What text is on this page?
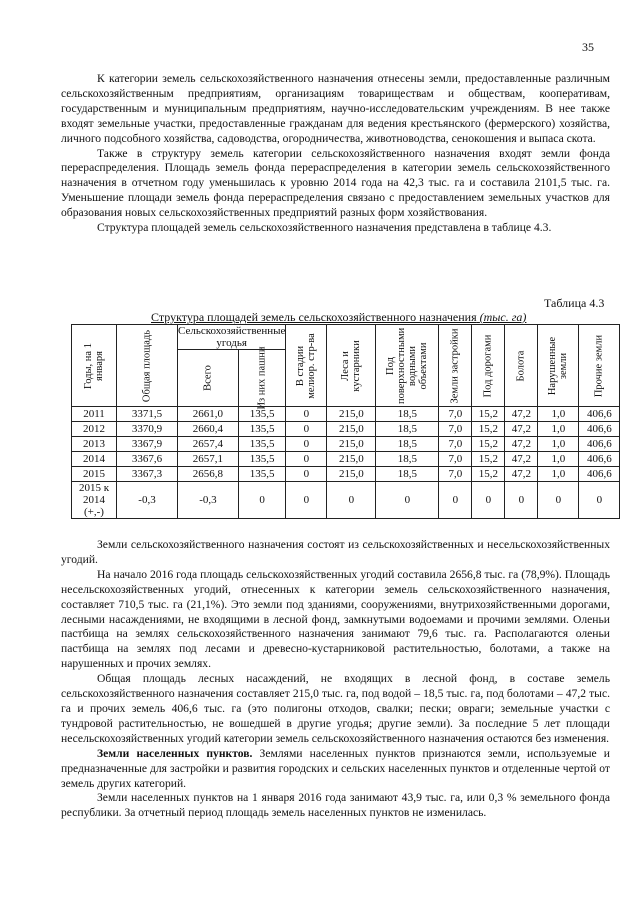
35

К категории земель сельскохозяйственного назначения отнесены земли, предоставленные различным сельскохозяйственным предприятиям, организациям товариществам и обществам, кооперативам, государственным и муниципальным предприятиям, научно-исследовательским учреждениям. В нее также входят земельные участки, предоставленные гражданам для ведения крестьянского (фермерского) хозяйства, личного подсобного хозяйства, садоводства, огородничества, животноводства, сенокошения и выпаса скота.

Также в структуру земель категории сельскохозяйственного назначения входят земли фонда перераспределения. Площадь земель фонда перераспределения в категории земель сельскохозяйственного назначения в отчетном году уменьшилась к уровню 2014 года на 42,3 тыс. га и составила 2101,5 тыс. га. Уменьшение площади земель фонда перераспределения связано с предоставлением земельных участков для образования новых сельскохозяйственных предприятий разных форм хозяйствования.

Структура площадей земель сельскохозяйственного назначения представлена в таблице 4.3.

Таблица 4.3
Структура площадей земель сельскохозяйственного назначения (тыс. га)
Годы, на 1 января	Общая площадь	Сельскохозяйственные угодья		В стадии мелиор. стр-ва	Леса и кустарники	Под поверхностными водными объектами	Земли застройки	Под дорогами	Болота	Нарушенные земли	Прочие земли

		Всего	Из них пашни								

2011	3371,5	2661,0	135,5	0	215,0	18,5	7,0	15,2	47,2	1,0	406,6
2012	3370,9	2660,4	135,5	0	215,0	18,5	7,0	15,2	47,2	1,0	406,6
2013	3367,9	2657,4	135,5	0	215,0	18,5	7,0	15,2	47,2	1,0	406,6
2014	3367,6	2657,1	135,5	0	215,0	18,5	7,0	15,2	47,2	1,0	406,6
2015	3367,3	2656,8	135,5	0	215,0	18,5	7,0	15,2	47,2	1,0	406,6
2015 к 2014 (+,-)	-0,3	-0,3	0	0	0	0	0	0	0	0	0

Земли сельскохозяйственного назначения состоят из сельскохозяйственных и несельскохозяйственных угодий.

На начало 2016 года площадь сельскохозяйственных угодий составила 2656,8 тыс. га (78,9%). Площадь несельскохозяйственных угодий, отнесенных к категории земель сельскохозяйственного назначения, составляет 710,5 тыс. га (21,1%). Это земли под зданиями, сооружениями, внутрихозяйственными дорогами, лесными насаждениями, не входящими в лесной фонд, замкнутыми водоемами и прочими землями. Оленьи пастбища на землях сельскохозяйственного назначения занимают 79,6 тыс. га. Располагаются оленьи пастбища на землях под лесами и древесно-кустарниковой растительностью, болотами, а также на нарушенных и прочих землях.

Общая площадь лесных насаждений, не входящих в лесной фонд, в составе земель сельскохозяйственного назначения составляет 215,0 тыс. га, под водой – 18,5 тыс. га, под болотами – 47,2 тыс. га и прочих земель 406,6 тыс. га (это полигоны отходов, свалки; пески; овраги; земельные участки с тундровой растительностью, не вошедшей в другие угодья; другие земли). За последние 5 лет площади несельскохозяйственных угодий категории земель сельскохозяйственного назначения остаются без изменения.

Земли населенных пунктов. Землями населенных пунктов признаются земли, используемые и предназначенные для застройки и развития городских и сельских населенных пунктов и отделенные чертой от земель других категорий.

Земли населенных пунктов на 1 января 2016 года занимают 43,9 тыс. га, или 0,3 % земельного фонда республики. За отчетный период площадь земель населенных пунктов не изменилась.
